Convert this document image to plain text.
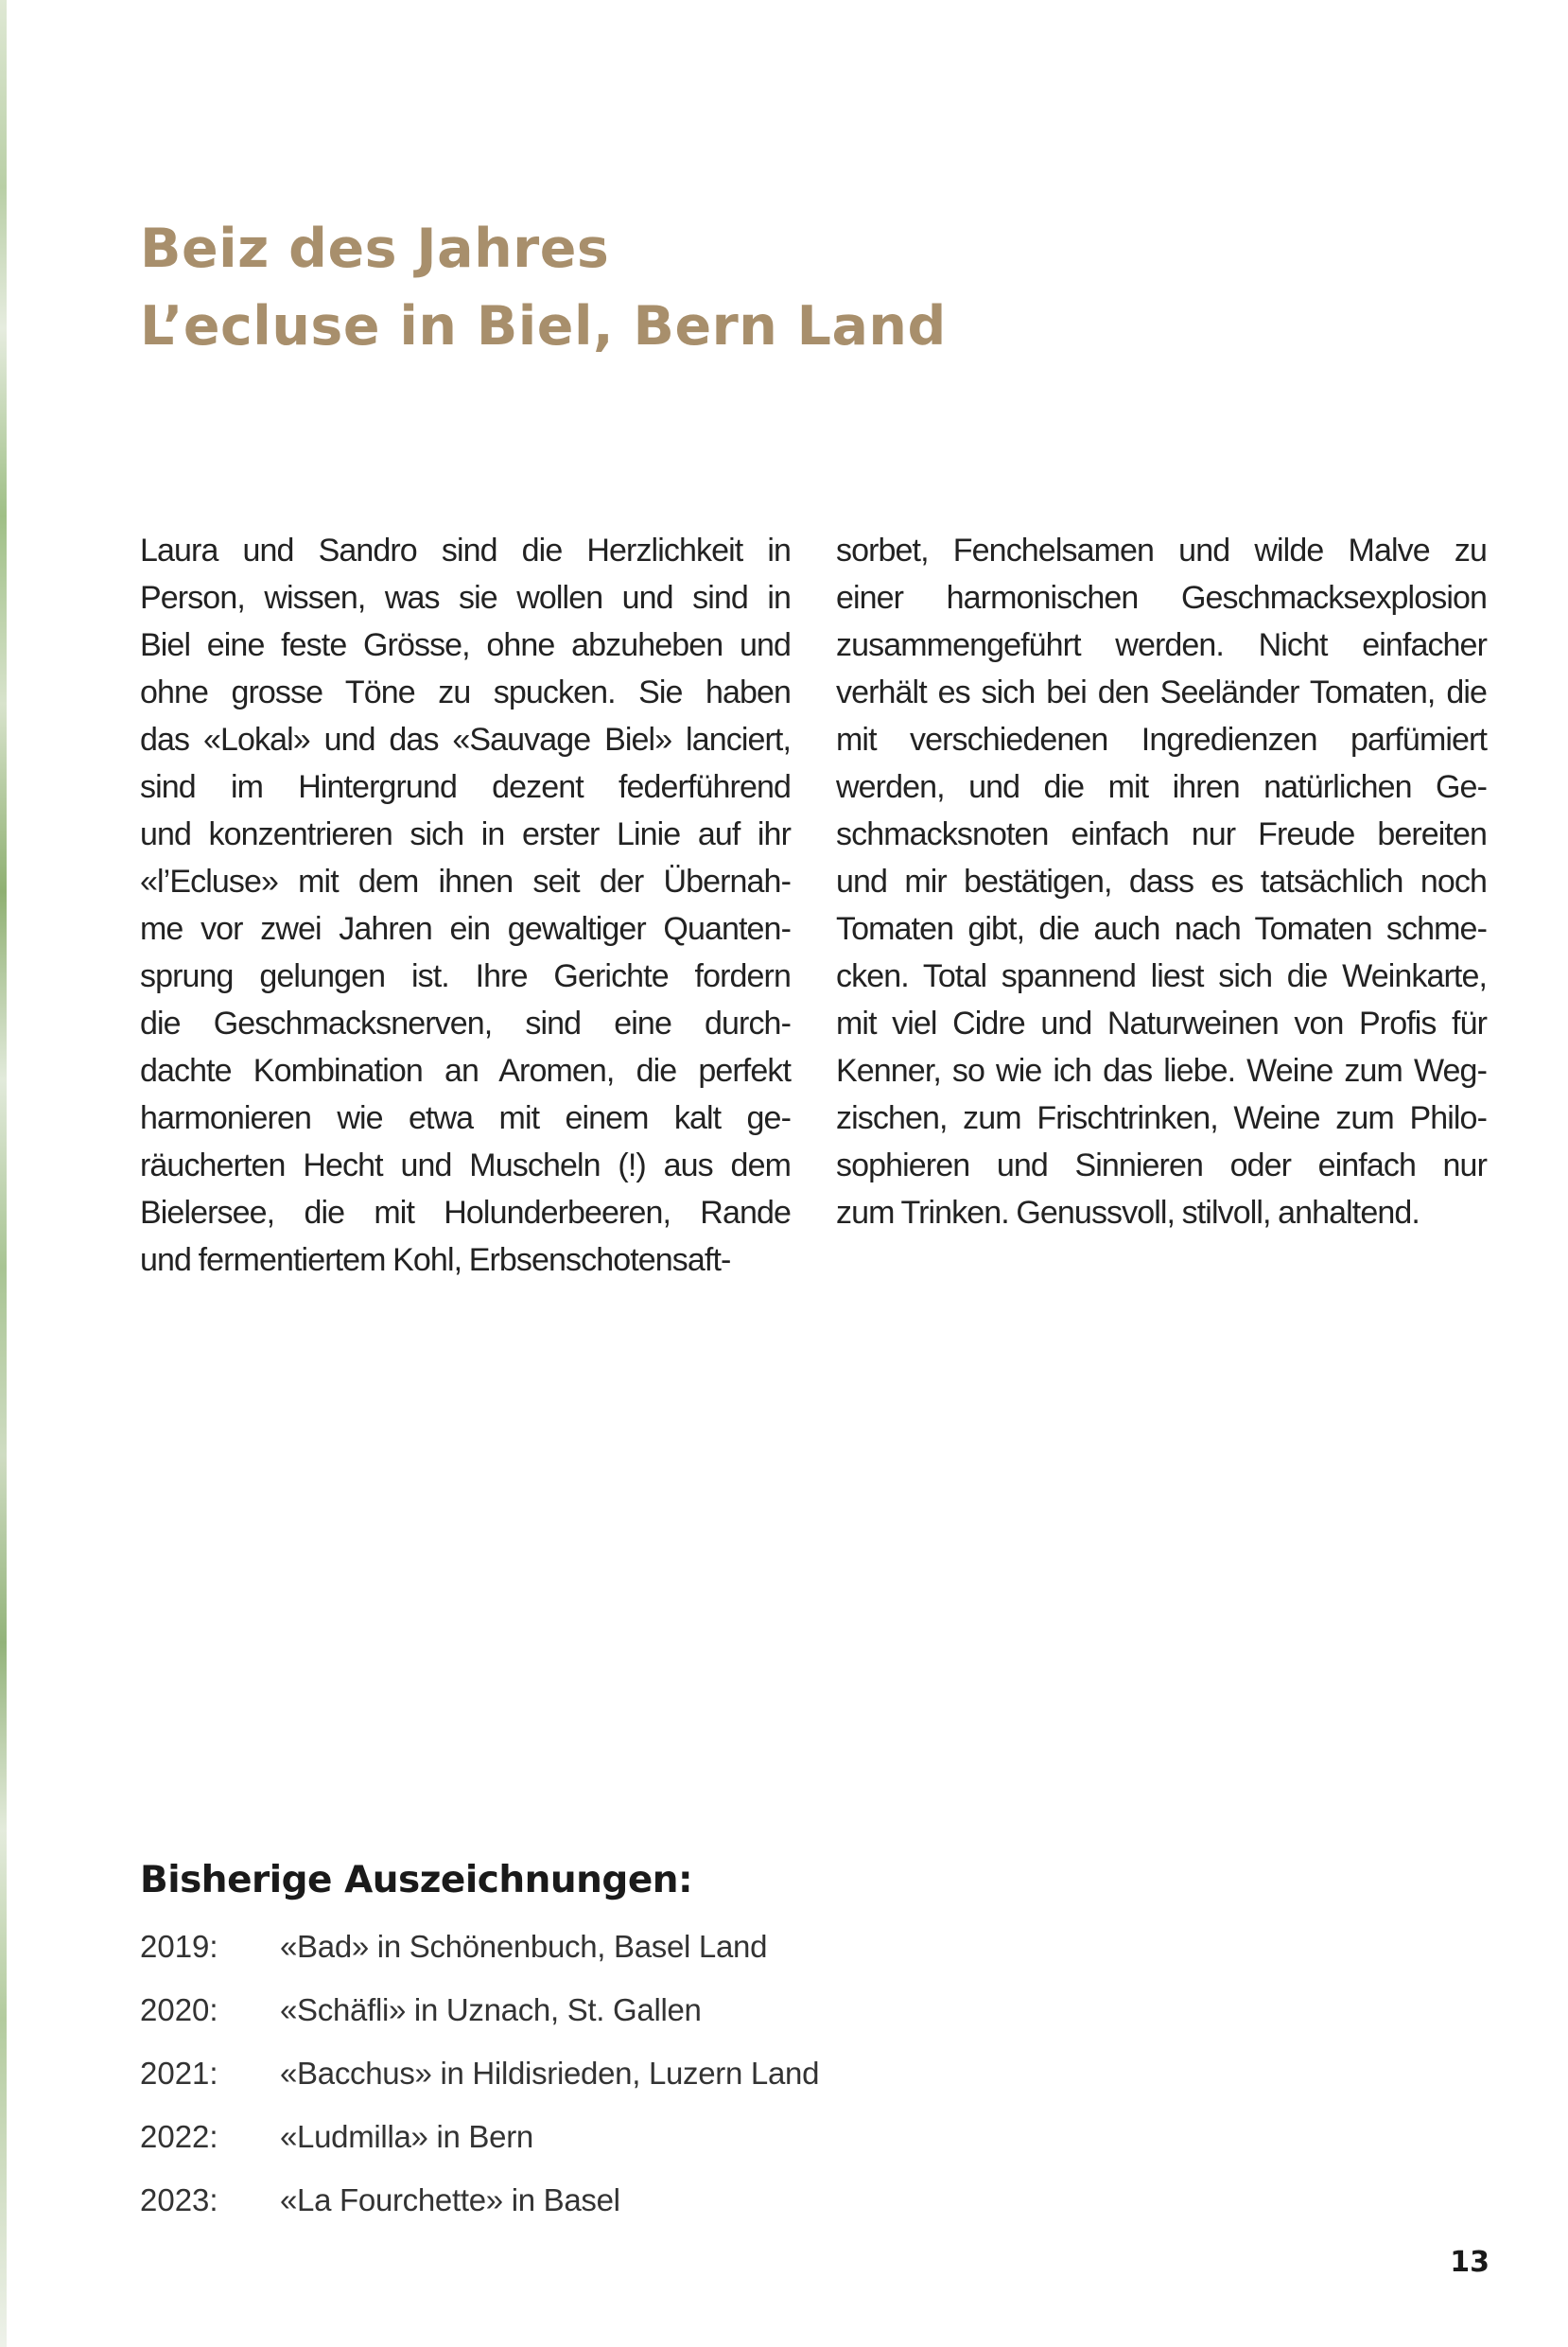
Beiz des Jahres
L’ecluse in Biel, Bern Land
Laura und Sandro sind die Herzlichkeit in
Person, wissen, was sie wollen und sind in
Biel eine feste Grösse, ohne abzuheben und
ohne grosse Töne zu spucken. Sie haben
das «Lokal» und das «Sauvage Biel» lanciert,
sind im Hintergrund dezent federführend
und konzentrieren sich in erster Linie auf ihr
«l’Ecluse» mit dem ihnen seit der Übernah-
me vor zwei Jahren ein gewaltiger Quanten-
sprung gelungen ist. Ihre Gerichte fordern
die Geschmacksnerven, sind eine durch-
dachte Kombination an Aromen, die perfekt
harmonieren wie etwa mit einem kalt ge-
räucherten Hecht und Muscheln (!) aus dem
Bielersee, die mit Holunderbeeren, Rande
und fermentiertem Kohl, Erbsenschotensaft-
sorbet, Fenchelsamen und wilde Malve zu
einer harmonischen Geschmacksexplosion
zusammengeführt werden. Nicht einfacher
verhält es sich bei den Seeländer Tomaten, die
mit verschiedenen Ingredienzen parfümiert
werden, und die mit ihren natürlichen Ge-
schmacksnoten einfach nur Freude bereiten
und mir bestätigen, dass es tatsächlich noch
Tomaten gibt, die auch nach Tomaten schme-
cken. Total spannend liest sich die Weinkarte,
mit viel Cidre und Naturweinen von Profis für
Kenner, so wie ich das liebe. Weine zum Weg-
zischen, zum Frischtrinken, Weine zum Philo-
sophieren und Sinnieren oder einfach nur
zum Trinken. Genussvoll, stilvoll, anhaltend.
Bisherige Auszeichnungen:
2019: «Bad» in Schönenbuch, Basel Land
2020: «Schäfli» in Uznach, St. Gallen
2021: «Bacchus» in Hildisrieden, Luzern Land
2022: «Ludmilla» in Bern
2023: «La Fourchette» in Basel
13
